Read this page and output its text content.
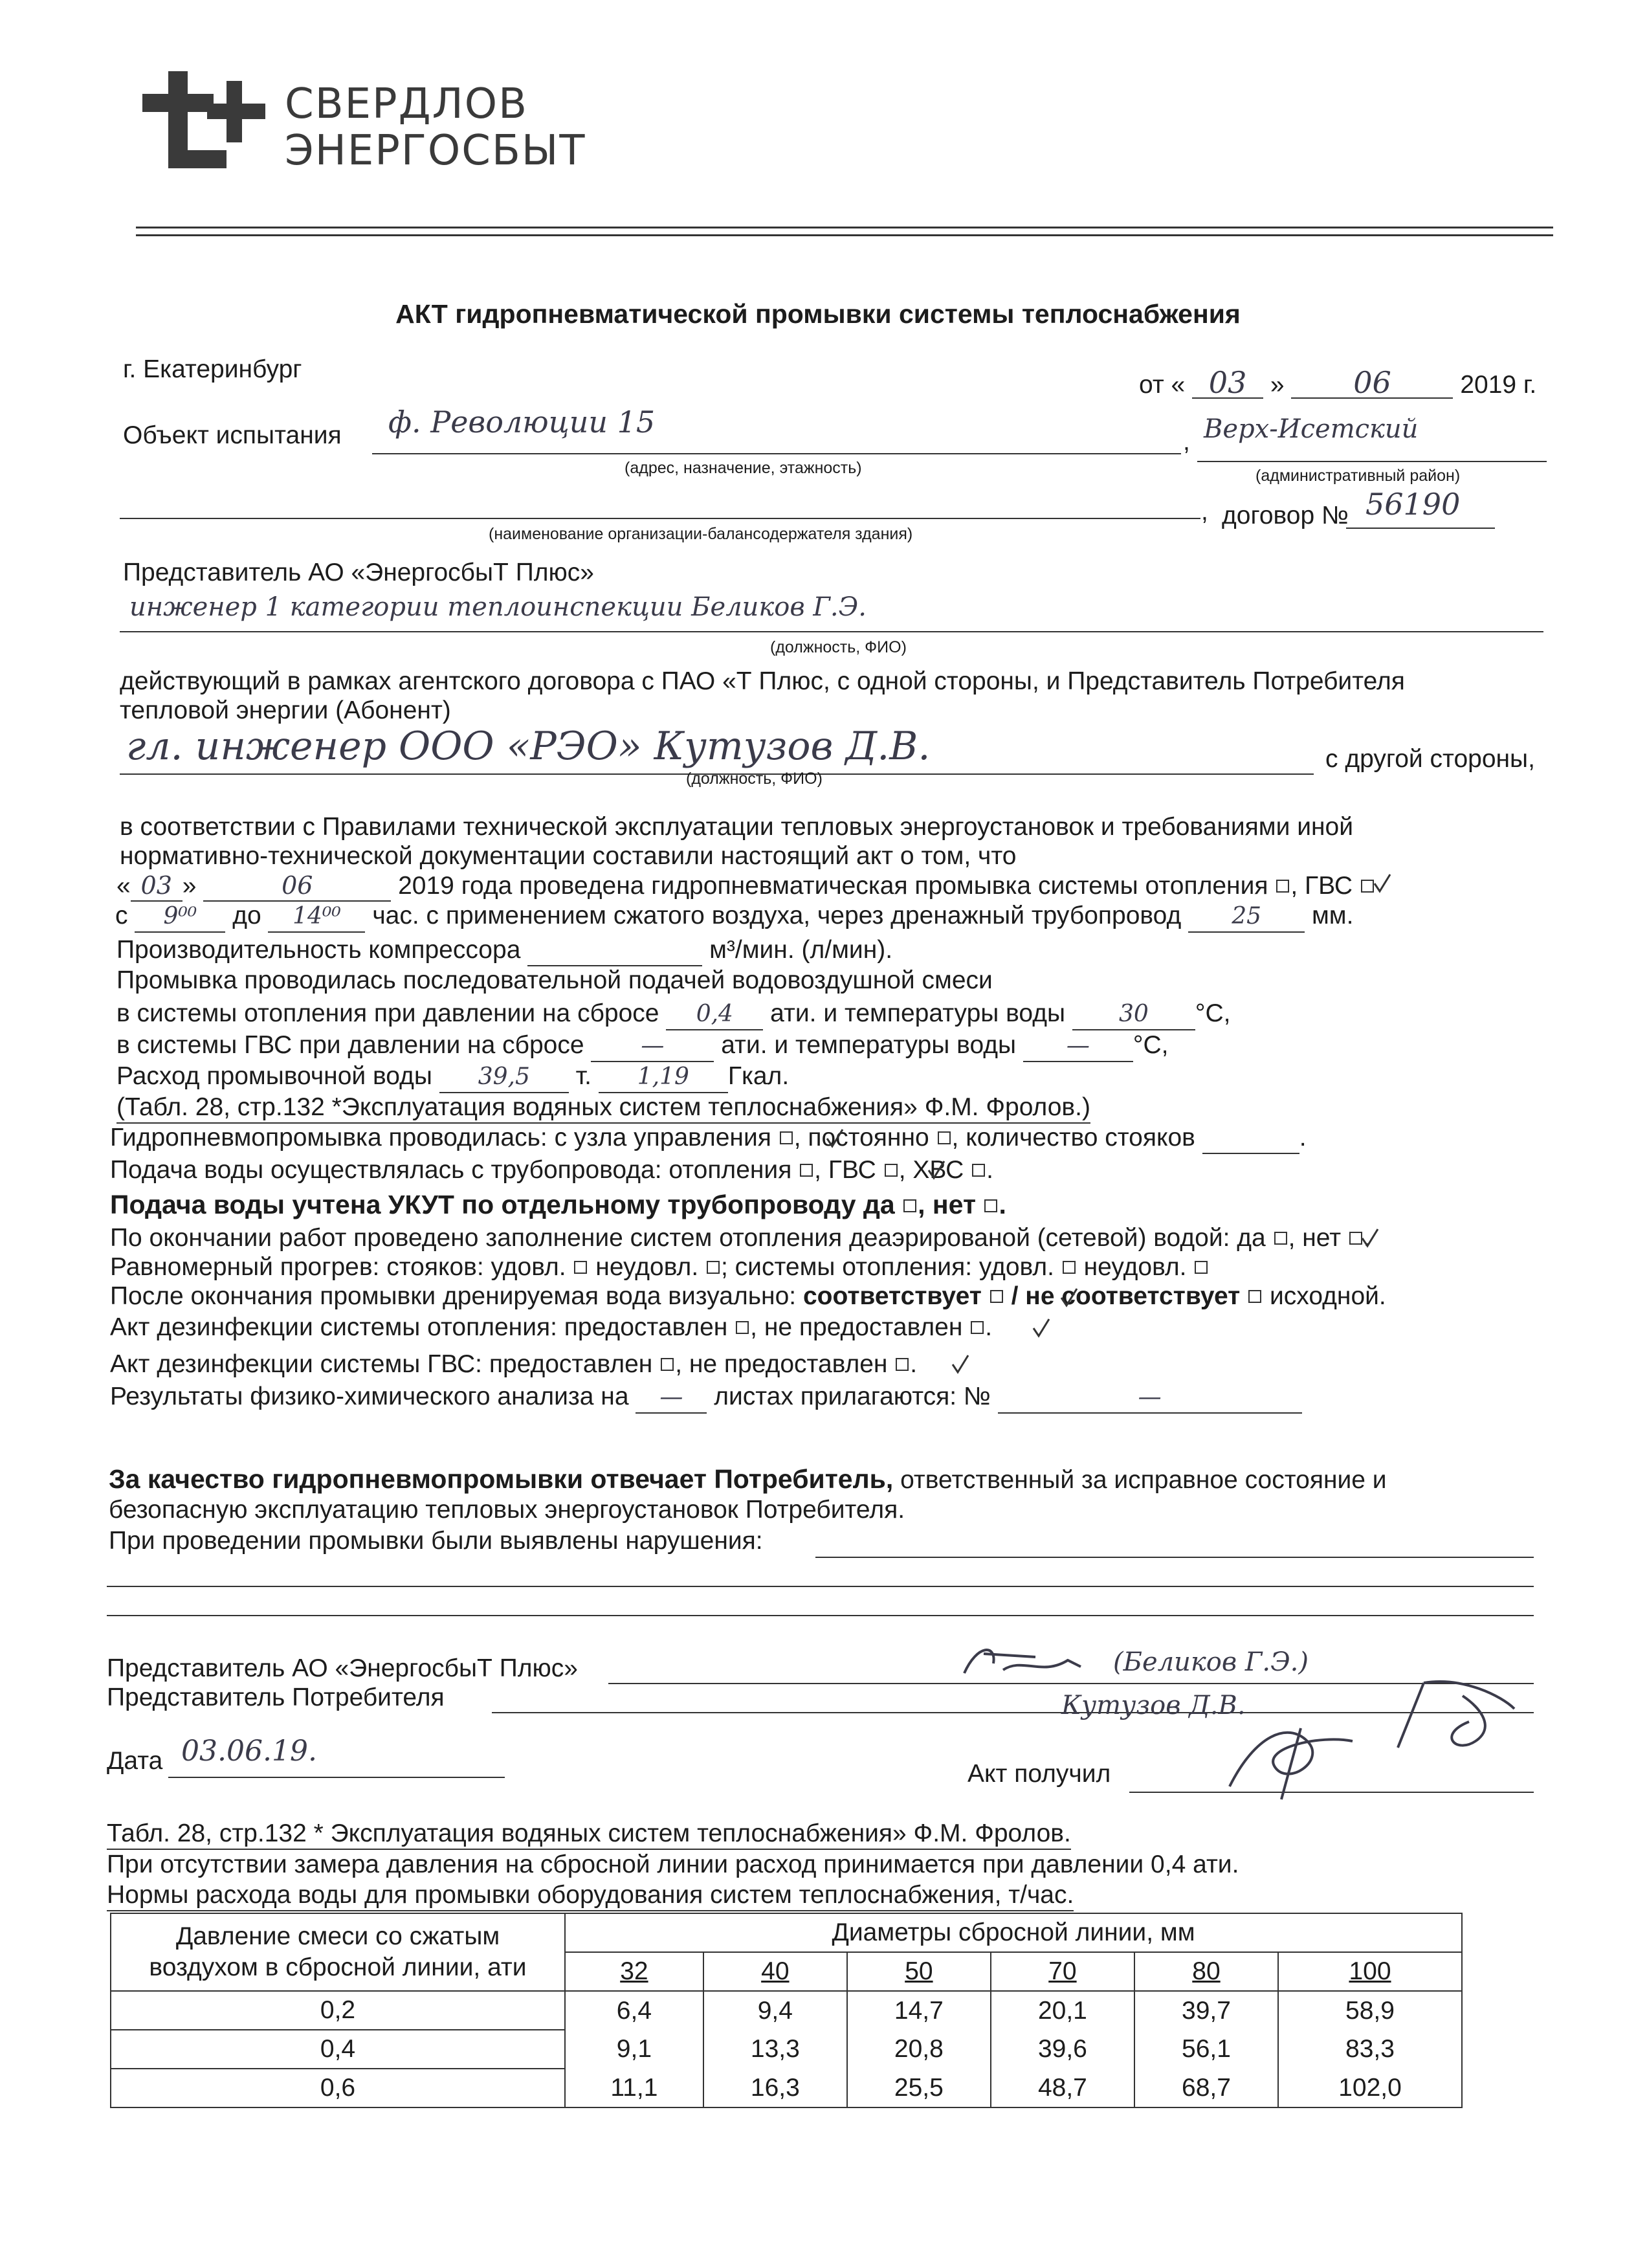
СВЕРДЛОВ
ЭНЕРГОСБЫТ
АКТ гидропневматической промывки системы теплоснабжения
г. Екатеринбург
от « 03 » 06	2019 г.
Объект испытания ф. Революции 15
(адрес, назначение, этажность)
, Верх-Исетский
(административный район)
, договор № 56190
(наименование организации-балансодержателя здания)
Представитель АО «ЭнергосбыТ Плюс»
инженер 1 категории теплоинспекции Беликов Г.Э.
(должность, ФИО)
действующий в рамках агентского договора с ПАО «Т Плюс, с одной стороны, и Представитель Потребителя
тепловой энергии (Абонент)
гл. инженер ООО «РЭО» Кутузов Д.В.	с другой стороны,
(должность, ФИО)
в соответствии с Правилами технической эксплуатации тепловых энергоустановок и требованиями иной
нормативно-технической документации составили настоящий акт о том, что
« 03 »	06	2019 года проведена гидропневматическая промывка системы отопления , ГВС
с 9⁰⁰ до 14⁰⁰ час. с применением сжатого воздуха, через дренажный трубопровод 25 мм.
Производительность компрессора	м³/мин. (л/мин).
Промывка проводилась последовательной подачей водовоздушной смеси
в системы отопления при давлении на сбросе 0,4 ати. и температуры воды 30 °С,
в системы ГВС при давлении на сбросе — ати. и температуры воды — °С,
Расход промывочной воды 39,5 т. 1,19 Гкал.
(Табл. 28, стр.132 *Эксплуатация водяных систем теплоснабжения» Ф.М. Фролов.)
Гидропневмопромывка проводилась: с узла управления , постоянно , количество стояков	.
Подача воды осуществлялась с трубопровода: отопления , ГВС , ХВС .
Подача воды учтена УКУТ по отдельному трубопроводу да , нет .
По окончании работ проведено заполнение систем отопления деаэрированой (сетевой) водой: да , нет .
Равномерный прогрев: стояков: удовл. неудовл. ; системы отопления: удовл. неудовл.
После окончания промывки дренируемая вода визуально: соответствует / не соответствует исходной.
Акт дезинфекции системы отопления: предоставлен , не предоставлен .
Акт дезинфекции системы ГВС: предоставлен , не предоставлен .
Результаты физико-химического анализа на — листах прилагаются: №	—
За качество гидропневмопромывки отвечает Потребитель, ответственный за исправное состояние и
безопасную эксплуатацию тепловых энергоустановок Потребителя.
При проведении промывки были выявлены нарушения:
Представитель АО «ЭнергосбыТ Плюс»	(Беликов Г.Э.)
Представитель Потребителя	Кутузов Д.В.
Дата 03.06.19.
Акт получил
Табл. 28, стр.132 * Эксплуатация водяных систем теплоснабжения» Ф.М. Фролов.
При отсутствии замера давления на сбросной линии расход принимается при давлении 0,4 ати.
Нормы расхода воды для промывки оборудования систем теплоснабжения, т/час.
Давление смеси со сжатым
воздухом в сбросной линии, ати	Диаметры сбросной линии, мм					
	32	40	50	70	80	100
0,2	6,4	9,4	14,7	20,1	39,7	58,9
0,4	9,1	13,3	20,8	39,6	56,1	83,3
0,6	11,1	16,3	25,5	48,7	68,7	102,0
